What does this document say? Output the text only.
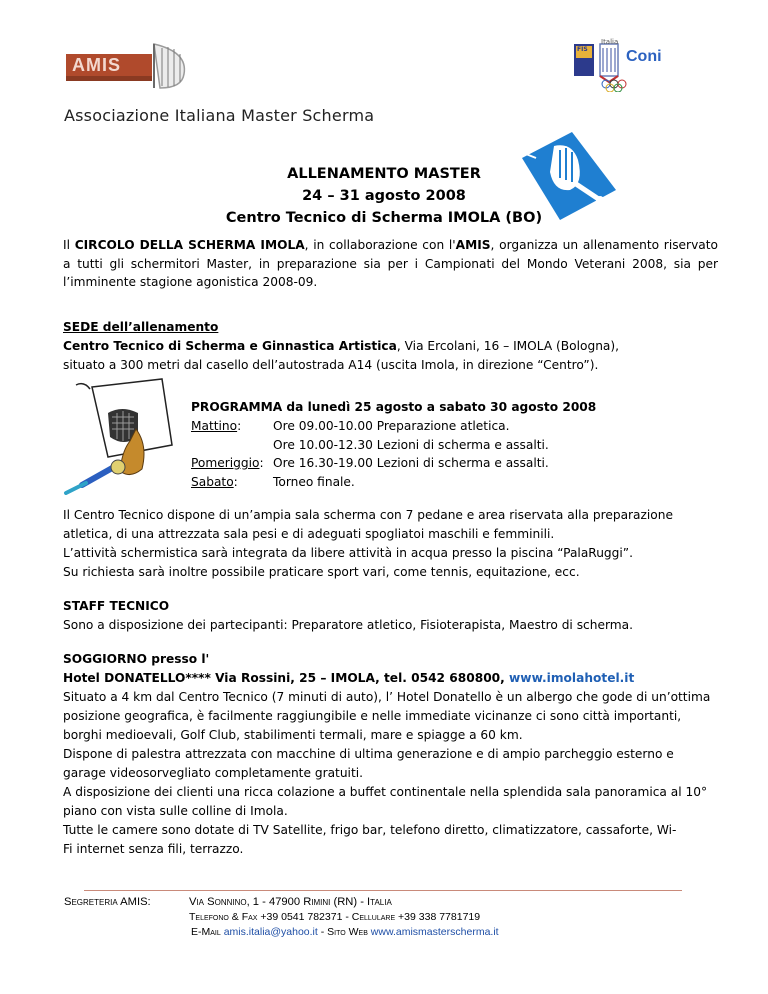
AMIS
FIS
Italia
Coni
Associazione Italiana Master Scherma
ALLENAMENTO MASTER
24 – 31 agosto 2008
Centro Tecnico di Scherma IMOLA (BO)
Il CIRCOLO DELLA SCHERMA IMOLA, in collaborazione con l'AMIS, organizza un allenamento riservato a tutti gli schermitori Master, in preparazione sia per i Campionati del Mondo Veterani 2008, sia per l’imminente stagione agonistica 2008-09.
SEDE dell’allenamento
Centro Tecnico di Scherma e Ginnastica Artistica, Via Ercolani, 16 – IMOLA (Bologna),
situato a 300 metri dal casello dell’autostrada A14 (uscita Imola, in direzione “Centro”).
PROGRAMMA da lunedì 25 agosto a sabato 30 agosto 2008
Mattino:	Ore 09.00-10.00 Preparazione atletica.
Ore 10.00-12.30 Lezioni di scherma e assalti.
Pomeriggio: Ore 16.30-19.00 Lezioni di scherma e assalti.
Sabato:	Torneo finale.
Il Centro Tecnico dispone di un’ampia sala scherma con 7 pedane e area riservata alla preparazione
atletica, di una attrezzata sala pesi e di adeguati spogliatoi maschili e femminili.
L’attività schermistica sarà integrata da libere attività in acqua presso la piscina “PalaRuggi”.
Su richiesta sarà inoltre possibile praticare sport vari, come tennis, equitazione, ecc.
STAFF TECNICO
Sono a disposizione dei partecipanti: Preparatore atletico, Fisioterapista, Maestro di scherma.
SOGGIORNO presso l'
Hotel DONATELLO**** Via Rossini, 25 – IMOLA, tel. 0542 680800, www.imolahotel.it
Situato a 4 km dal Centro Tecnico (7 minuti di auto), l’ Hotel Donatello è un albergo che gode di un’ottima
posizione geografica, è facilmente raggiungibile e nelle immediate vicinanze ci sono città importanti,
borghi medioevali, Golf Club, stabilimenti termali, mare e spiagge a 60 km.
Dispone di palestra attrezzata con macchine di ultima generazione e di ampio parcheggio esterno e
garage videosorvegliato completamente gratuiti.
A disposizione dei clienti una ricca colazione a buffet continentale nella splendida sala panoramica al 10°
piano con vista sulle colline di Imola.
Tutte le camere sono dotate di TV Satellite, frigo bar, telefono diretto, climatizzatore, cassaforte, Wi-
Fi internet senza fili, terrazzo.
Segreteria AMIS:	Via Sonnino, 1 - 47900 Rimini (RN) - Italia
Telefono & Fax +39 0541 782371 - Cellulare +39 338 7781719
E-Mail amis.italia@yahoo.it - Sito Web www.amismasterscherma.it
